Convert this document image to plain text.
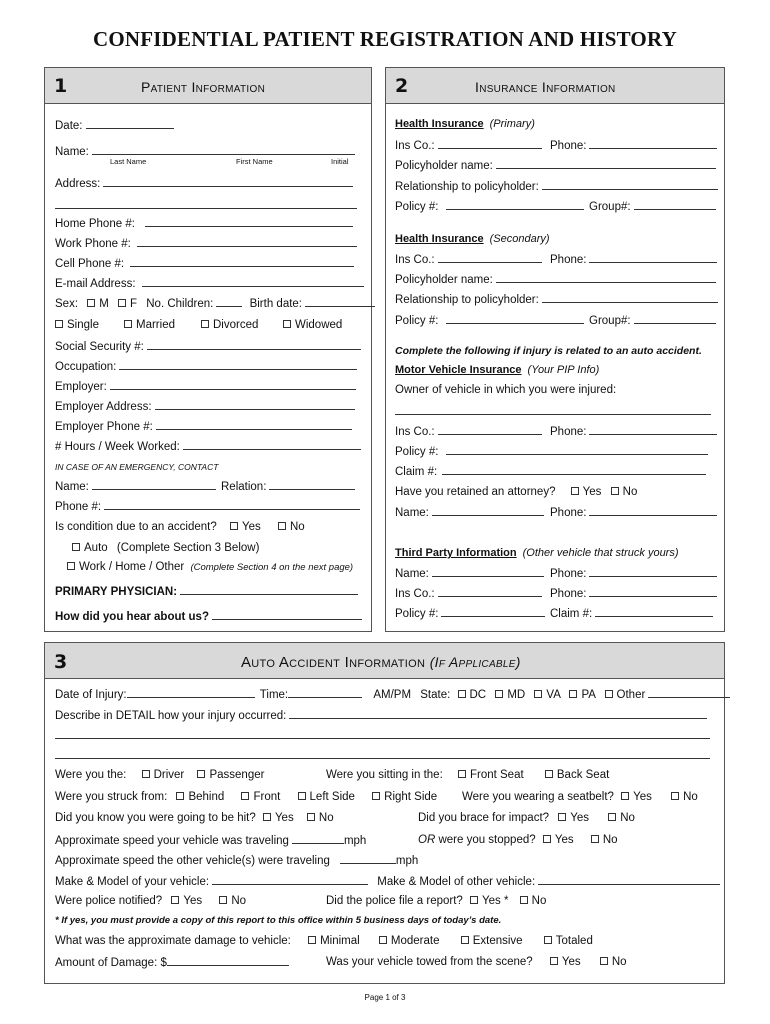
CONFIDENTIAL PATIENT REGISTRATION AND HISTORY
1	Patient Information
Date:
Name:
Last Name	First Name	Initial
Address:
Home Phone #:
Work Phone #:
Cell Phone #:
E-mail Address:
Sex: M F No. Children:	Birth date:
Single	Married	Divorced	Widowed
Social Security #:
Occupation:
Employer:
Employer Address:
Employer Phone #:
# Hours / Week Worked:
IN CASE OF AN EMERGENCY, CONTACT
Name:	Relation:
Phone #:
Is condition due to an accident? Yes	No
Auto (Complete Section 3 Below)
Work / Home / Other (Complete Section 4 on the next page)
PRIMARY PHYSICIAN:
How did you hear about us?
2	Insurance Information
Health Insurance (Primary)
Ins Co.:	Phone:
Policyholder name:
Relationship to policyholder:
Policy #:	Group#:
Health Insurance (Secondary)
Ins Co.:	Phone:
Policyholder name:
Relationship to policyholder:
Policy #:	Group#:
Complete the following if injury is related to an auto accident.
Motor Vehicle Insurance (Your PIP Info)
Owner of vehicle in which you were injured:
Ins Co.:	Phone:
Policy #:
Claim #:
Have you retained an attorney? Yes No
Name:	Phone:
Third Party Information (Other vehicle that struck yours)
Name:	Phone:
Ins Co.:	Phone:
Policy #:	Claim #:
3	Auto Accident Information (If Applicable)
Date of Injury:	Time:	AM/PM State: DC MD VA PA Other
Describe in DETAIL how your injury occurred:
Were you the: Driver Passenger	Were you sitting in the: Front Seat	Back Seat
Were you struck from: Behind	Front	Left Side	Right Side Were you wearing a seatbelt? Yes	No
Did you know you were going to be hit? Yes No	Did you brace for impact? Yes	No
Approximate speed your vehicle was traveling	mph	OR were you stopped? Yes	No
Approximate speed the other vehicle(s) were traveling	mph
Make & Model of your vehicle:	Make & Model of other vehicle:
Were police notified? Yes	No	Did the police file a report? Yes * No
* If yes, you must provide a copy of this report to this office within 5 business days of today’s date.
What was the approximate damage to vehicle:	Minimal	Moderate	Extensive	Totaled
Amount of Damage: $	Was your vehicle towed from the scene?	Yes	No
Page 1 of 3
